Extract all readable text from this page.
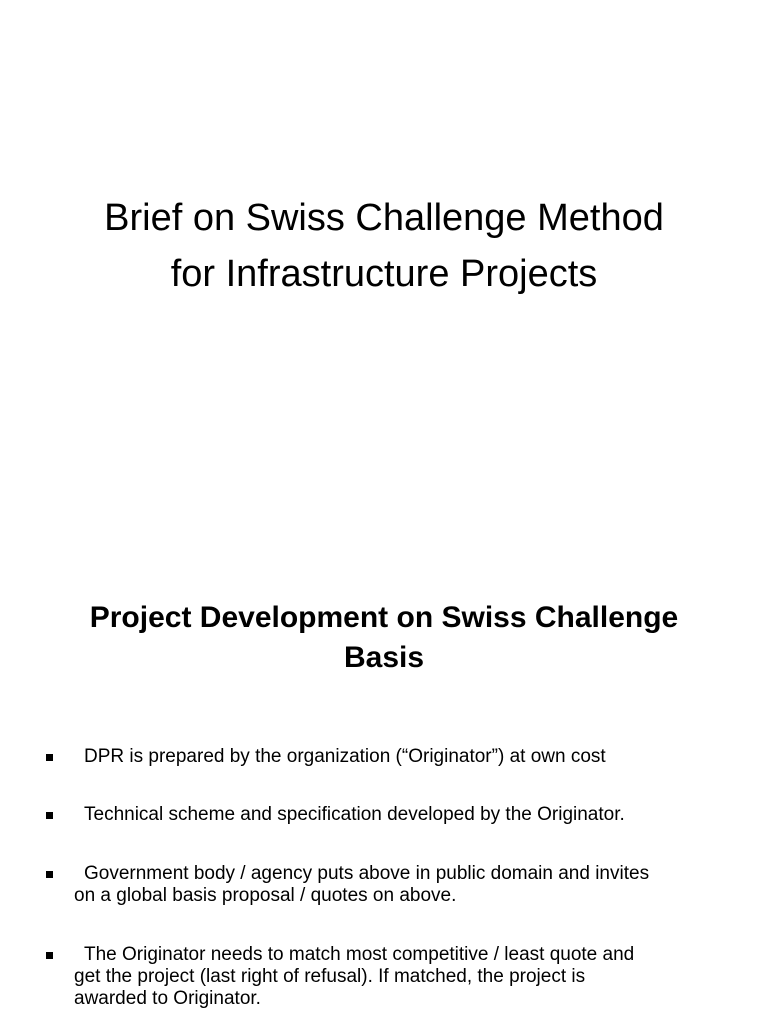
Brief on Swiss Challenge Method
for Infrastructure Projects
Project Development on Swiss Challenge
Basis
DPR is prepared by the organization (“Originator”) at own cost
Technical scheme and specification developed by the Originator.
Government body / agency puts above in public domain and invites
on a global basis proposal / quotes on above.
The Originator needs to match most competitive / least quote and
get the project (last right of refusal). If matched, the project is
awarded to Originator.
